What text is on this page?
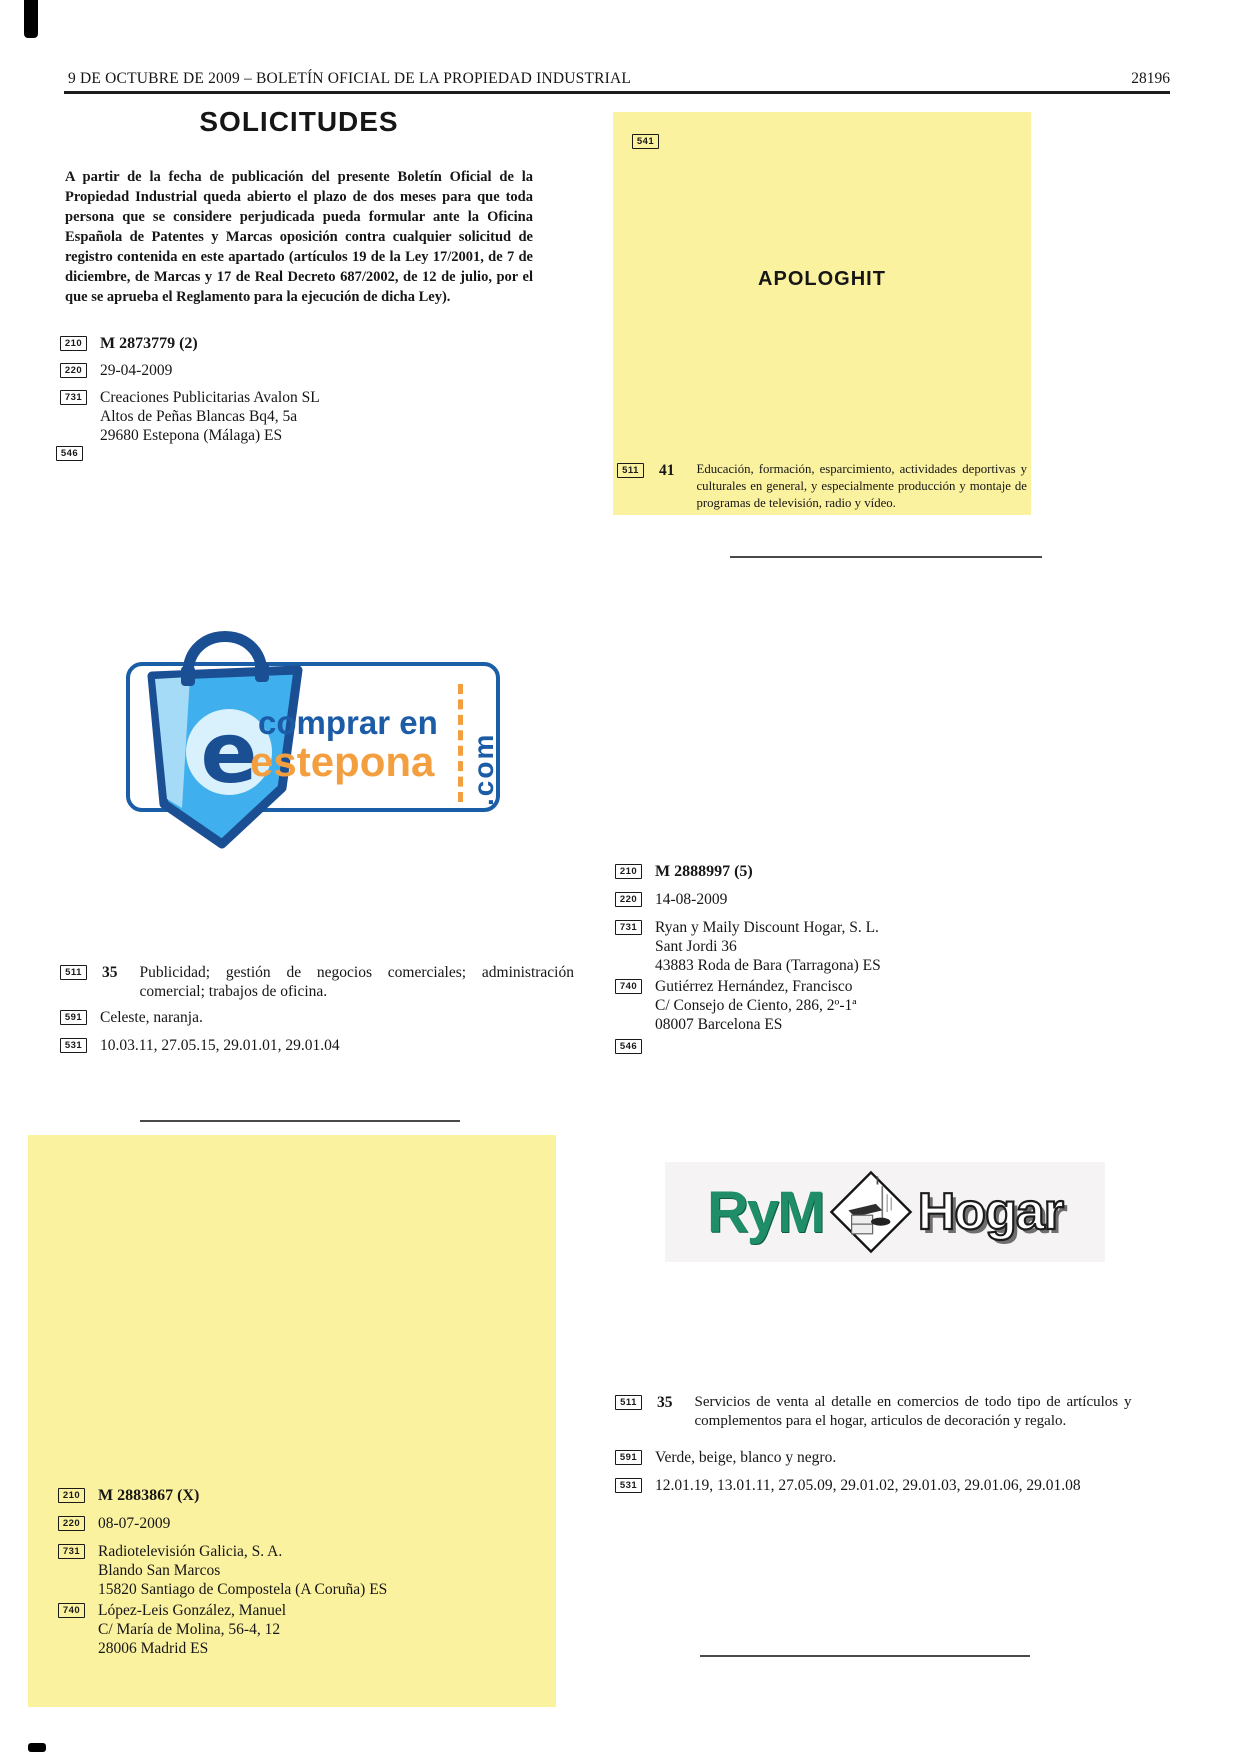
9 DE OCTUBRE DE 2009 – BOLETÍN OFICIAL DE LA PROPIEDAD INDUSTRIAL	28196
SOLICITUDES
A partir de la fecha de publicación del presente Boletín Oficial de la Propiedad Industrial queda abierto el plazo de dos meses para que toda persona que se considere perjudicada pueda formular ante la Oficina Española de Patentes y Marcas oposición contra cualquier solicitud de registro contenida en este apartado (artículos 19 de la Ley 17/2001, de 7 de diciembre, de Marcas y 17 de Real Decreto 687/2002, de 12 de julio, por el que se aprueba el Reglamento para la ejecución de dicha Ley).
210	M 2873779 (2)
220	29-04-2009
731	Creaciones Publicitarias Avalon SL
Altos de Peñas Blancas Bq4, 5a
29680 Estepona (Málaga) ES
546
e comprar en
estepona .com
511	35 Publicidad; gestión de negocios comerciales; administración comercial; trabajos de oficina.
591	Celeste, naranja.
531	10.03.11, 27.05.15, 29.01.01, 29.01.04
541
APOLOGHIT
511	41 Educación, formación, esparcimiento, actividades deportivas y culturales en general, y especialmente producción y montaje de programas de televisión, radio y vídeo.
210	M 2888997 (5)
220	14-08-2009
731	Ryan y Maily Discount Hogar, S. L.
Sant Jordi 36
43883 Roda de Bara (Tarragona) ES
740	Gutiérrez Hernández, Francisco
C/ Consejo de Ciento, 286, 2º-1ª
08007 Barcelona ES
546
RyM Hogar
511	35 Servicios de venta al detalle en comercios de todo tipo de artículos y complementos para el hogar, articulos de decoración y regalo.
591	Verde, beige, blanco y negro.
531	12.01.19, 13.01.11, 27.05.09, 29.01.02, 29.01.03, 29.01.06, 29.01.08
210	M 2883867 (X)
220	08-07-2009
731	Radiotelevisión Galicia, S. A.
Blando San Marcos
15820 Santiago de Compostela (A Coruña) ES
740	López-Leis González, Manuel
C/ María de Molina, 56-4, 12
28006 Madrid ES
